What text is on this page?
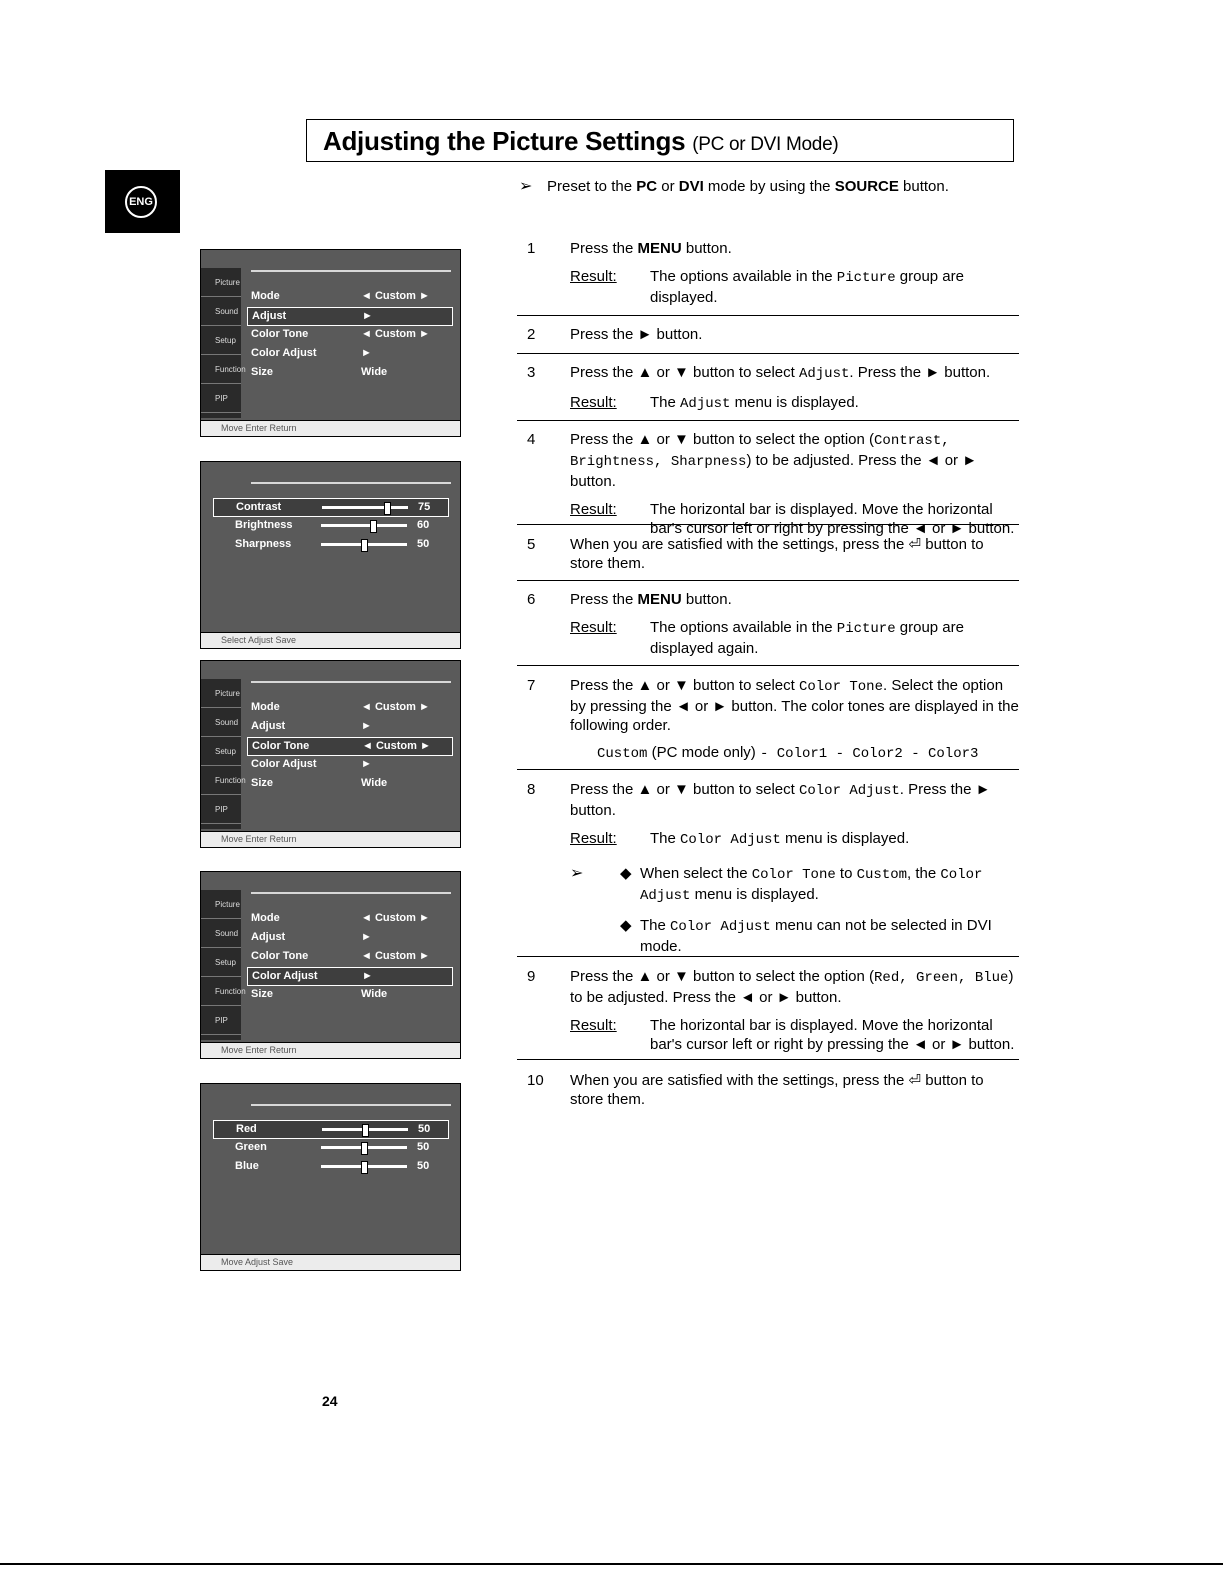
Adjusting the Picture Settings (PC or DVI Mode)
ENG
➢ Preset to the PC or DVI mode by using the SOURCE button.
1 Press the MENU button.
Result: The options available in the Picture group are displayed.
2 Press the ► button.
3 Press the ▲ or ▼ button to select Adjust. Press the ► button.
Result: The Adjust menu is displayed.
4 Press the ▲ or ▼ button to select the option (Contrast, Brightness, Sharpness) to be adjusted. Press the ◄ or ► button.
Result: The horizontal bar is displayed. Move the horizontal bar's cursor left or right by pressing the ◄ or ► button.
5 When you are satisfied with the settings, press the ⏎ button to store them.
6 Press the MENU button.
Result: The options available in the Picture group are displayed again.
7 Press the ▲ or ▼ button to select Color Tone. Select the option by pressing the ◄ or ► button. The color tones are displayed in the following order.
Custom (PC mode only) - Color1 - Color2 - Color3
8 Press the ▲ or ▼ button to select Color Adjust. Press the ► button.
Result: The Color Adjust menu is displayed.
➢ ◆ When select the Color Tone to Custom, the Color Adjust menu is displayed.
◆ The Color Adjust menu can not be selected in DVI mode.
9 Press the ▲ or ▼ button to select the option (Red, Green, Blue) to be adjusted. Press the ◄ or ► button.
Result: The horizontal bar is displayed. Move the horizontal bar's cursor left or right by pressing the ◄ or ► button.
10 When you are satisfied with the settings, press the ⏎ button to store them.
Picture
Sound
Setup
Function
PIP
Mode	◄ Custom ►
Adjust	►
Color Tone	◄ Custom ►
Color Adjust	►
Size	Wide
Move Enter Return
Contrast	75
Brightness	60
Sharpness	50
Select Adjust Save
Picture
Sound
Setup
Function
PIP
Mode	◄ Custom ►
Adjust	►
Color Tone	◄ Custom ►
Color Adjust	►
Size	Wide
Move Enter Return
Picture
Sound
Setup
Function
PIP
Mode	◄ Custom ►
Adjust	►
Color Tone	◄ Custom ►
Color Adjust	►
Size	Wide
Move Enter Return
Red	50
Green	50
Blue	50
Move Adjust Save
24
